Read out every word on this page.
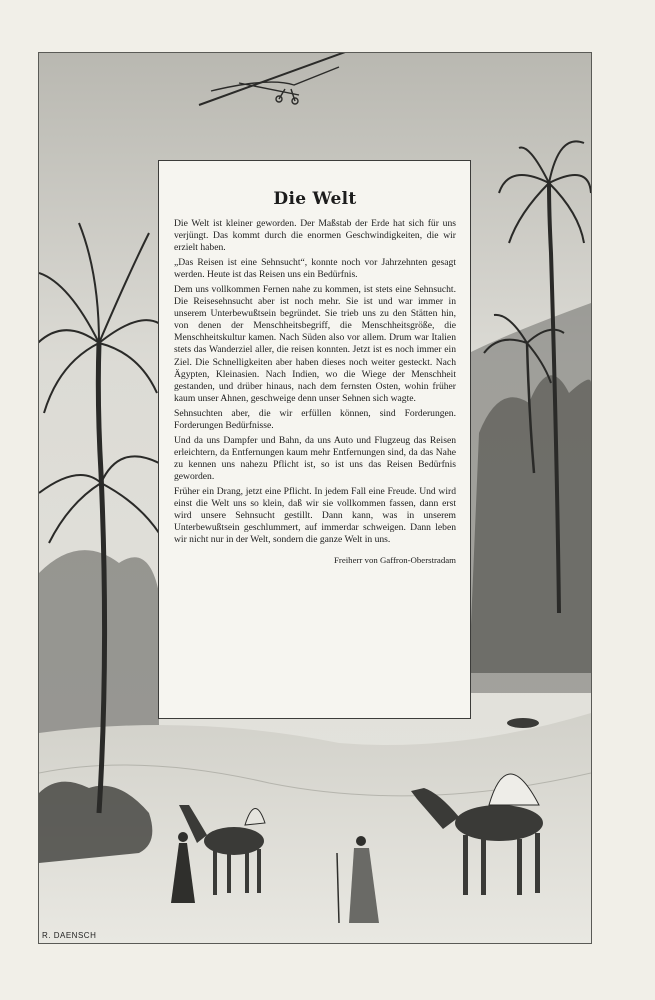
Die Welt

Die Welt ist kleiner geworden. Der Maßstab der Erde hat sich für uns verjüngt. Das kommt durch die enormen Geschwindigkeiten, die wir erzielt haben.

„Das Reisen ist eine Sehnsucht“, konnte noch vor Jahrzehnten gesagt werden. Heute ist das Reisen uns ein Bedürfnis.

Dem uns vollkommen Fernen nahe zu kommen, ist stets eine Sehnsucht. Die Reisesehnsucht aber ist noch mehr. Sie ist und war immer in unserem Unterbewußtsein begründet. Sie trieb uns zu den Stätten hin, von denen der Menschheitsbegriff, die Menschheitsgröße, die Menschheitskultur kamen. Nach Süden also vor allem. Drum war Italien stets das Wanderziel aller, die reisen konnten. Jetzt ist es noch immer ein Ziel. Die Schnelligkeiten aber haben dieses noch weiter gesteckt. Nach Ägypten, Kleinasien. Nach Indien, wo die Wiege der Menschheit gestanden, und drüber hinaus, nach dem fernsten Osten, wohin früher kaum unser Ahnen, geschweige denn unser Sehnen sich wagte.

Sehnsuchten aber, die wir erfüllen können, sind Forderungen. Forderungen Bedürfnisse.

Und da uns Dampfer und Bahn, da uns Auto und Flugzeug das Reisen erleichtern, da Entfernungen kaum mehr Entfernungen sind, da das Nahe zu kennen uns nahezu Pflicht ist, so ist uns das Reisen Bedürfnis geworden.

Früher ein Drang, jetzt eine Pflicht. In jedem Fall eine Freude. Und wird einst die Welt uns so klein, daß wir sie vollkommen fassen, dann erst wird unsere Sehnsucht gestillt. Dann kann, was in unserem Unterbewußtsein geschlummert, auf immerdar schweigen. Dann leben wir nicht nur in der Welt, sondern die ganze Welt in uns.

Freiherr von Gaffron-Oberstradam
R. DAENSCH
